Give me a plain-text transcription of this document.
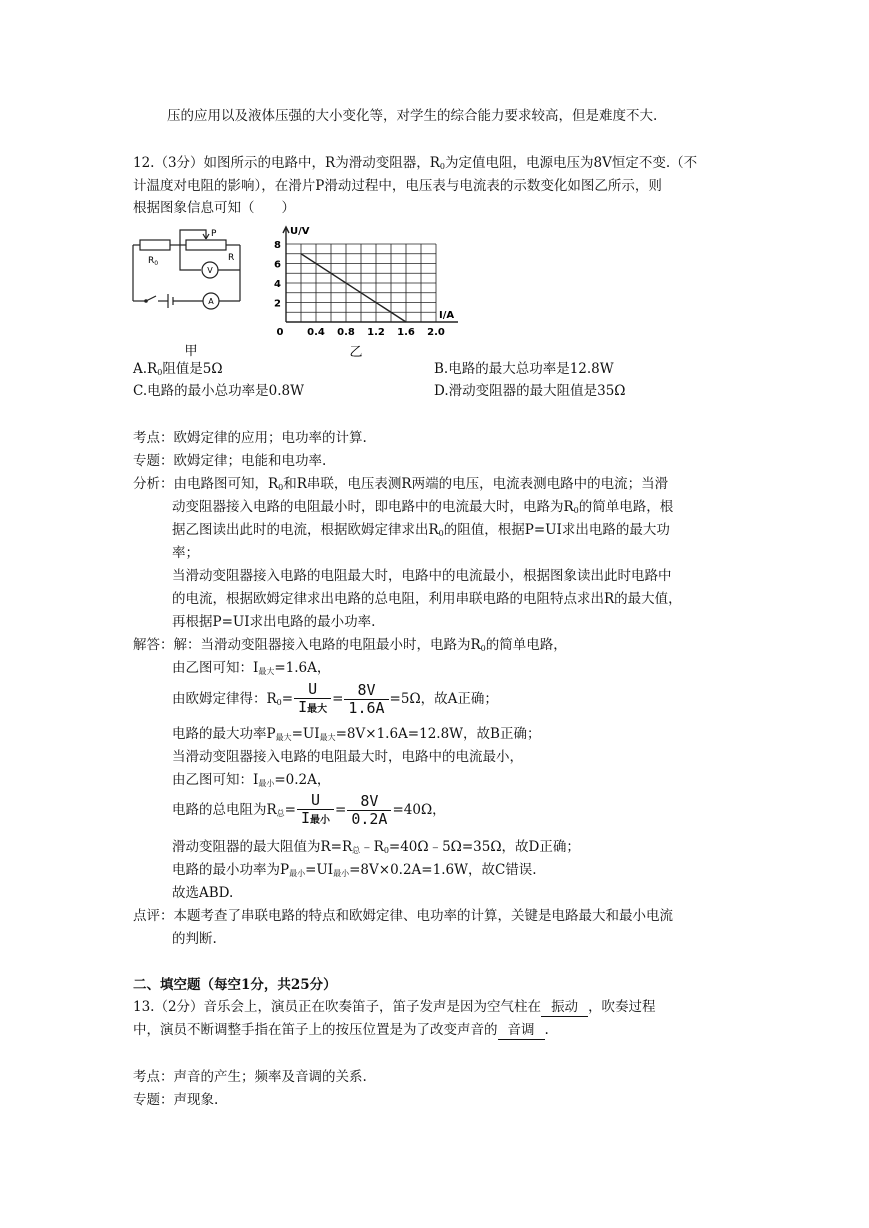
压的应用以及液体压强的大小变化等，对学生的综合能力要求较高，但是难度不大.
12.（3分）如图所示的电路中，R为滑动变阻器，$R_0$为定值电阻，电源电压为8V恒定不变.（不
计温度对电阻的影响），在滑片P滑动过程中，电压表与电流表的示数变化如图乙所示，则
根据图象信息可知（　　）
$R_0$
P
R
V
A
甲
2
4
6
8
0 0.4 0.8 1.2 1.6 2.0
U/V
I/A
乙
$A.R_0$阻值是5Ω	B.电路的最大总功率是12.8W
C.电路的最小总功率是0.8W	D.滑动变阻器的最大阻值是35Ω
考点：欧姆定律的应用；电功率的计算.
专题：欧姆定律；电能和电功率.
分析：由电路图可知，$R_0$和R串联，电压表测R两端的电压，电流表测电路中的电流；当滑
动变阻器接入电路的电阻最小时，即电路中的电流最大时，电路为$R_0$的简单电路，根
据乙图读出此时的电流，根据欧姆定律求出$R_0$的阻值，根据P=UI求出电路的最大功
率；
当滑动变阻器接入电路的电阻最大时，电路中的电流最小，根据图象读出此时电路中
的电流，根据欧姆定律求出电路的总电阻，利用串联电路的电阻特点求出R的最大值，
再根据P=UI求出电路的最小功率.
解答：解：当滑动变阻器接入电路的电阻最小时，电路为$R_0$的简单电路，
由乙图可知：$I_{最大}=1.6A$，
由欧姆定律得：$R_0= \frac{U}{\text{I最大}} = \frac{8V}{1.6A} =5\Omega$，故A正确；
电路的最大功率$P_{最大}=UI_{最大}=8V\times 1.6A=12.8W$，故B正确；
当滑动变阻器接入电路的电阻最大时，电路中的电流最小，
由乙图可知：$I_{最小}=0.2A$，
电路的总电阻为$R_总= \frac{U}{\text{I最小}} = \frac{8V}{0.2A} =40\Omega$，
滑动变阻器的最大阻值为$R=R_总﹣R_0=40\Omega﹣5\Omega=35\Omega$，故D正确；
电路的最小功率为$P_{最小}=UI_{最小}=8V\times 0.2A=1.6W$，故C错误.
故选ABD.
点评：本题考查了串联电路的特点和欧姆定律、电功率的计算，关键是电路最大和最小电流
的判断.
二、填空题（每空1分，共25分）
13.（2分）音乐会上，演员正在吹奏笛子，笛子发声是因为空气柱在 振动 ，吹奏过程
中，演员不断调整手指在笛子上的按压位置是为了改变声音的 音调 .
考点：声音的产生；频率及音调的关系.
专题：声现象.
